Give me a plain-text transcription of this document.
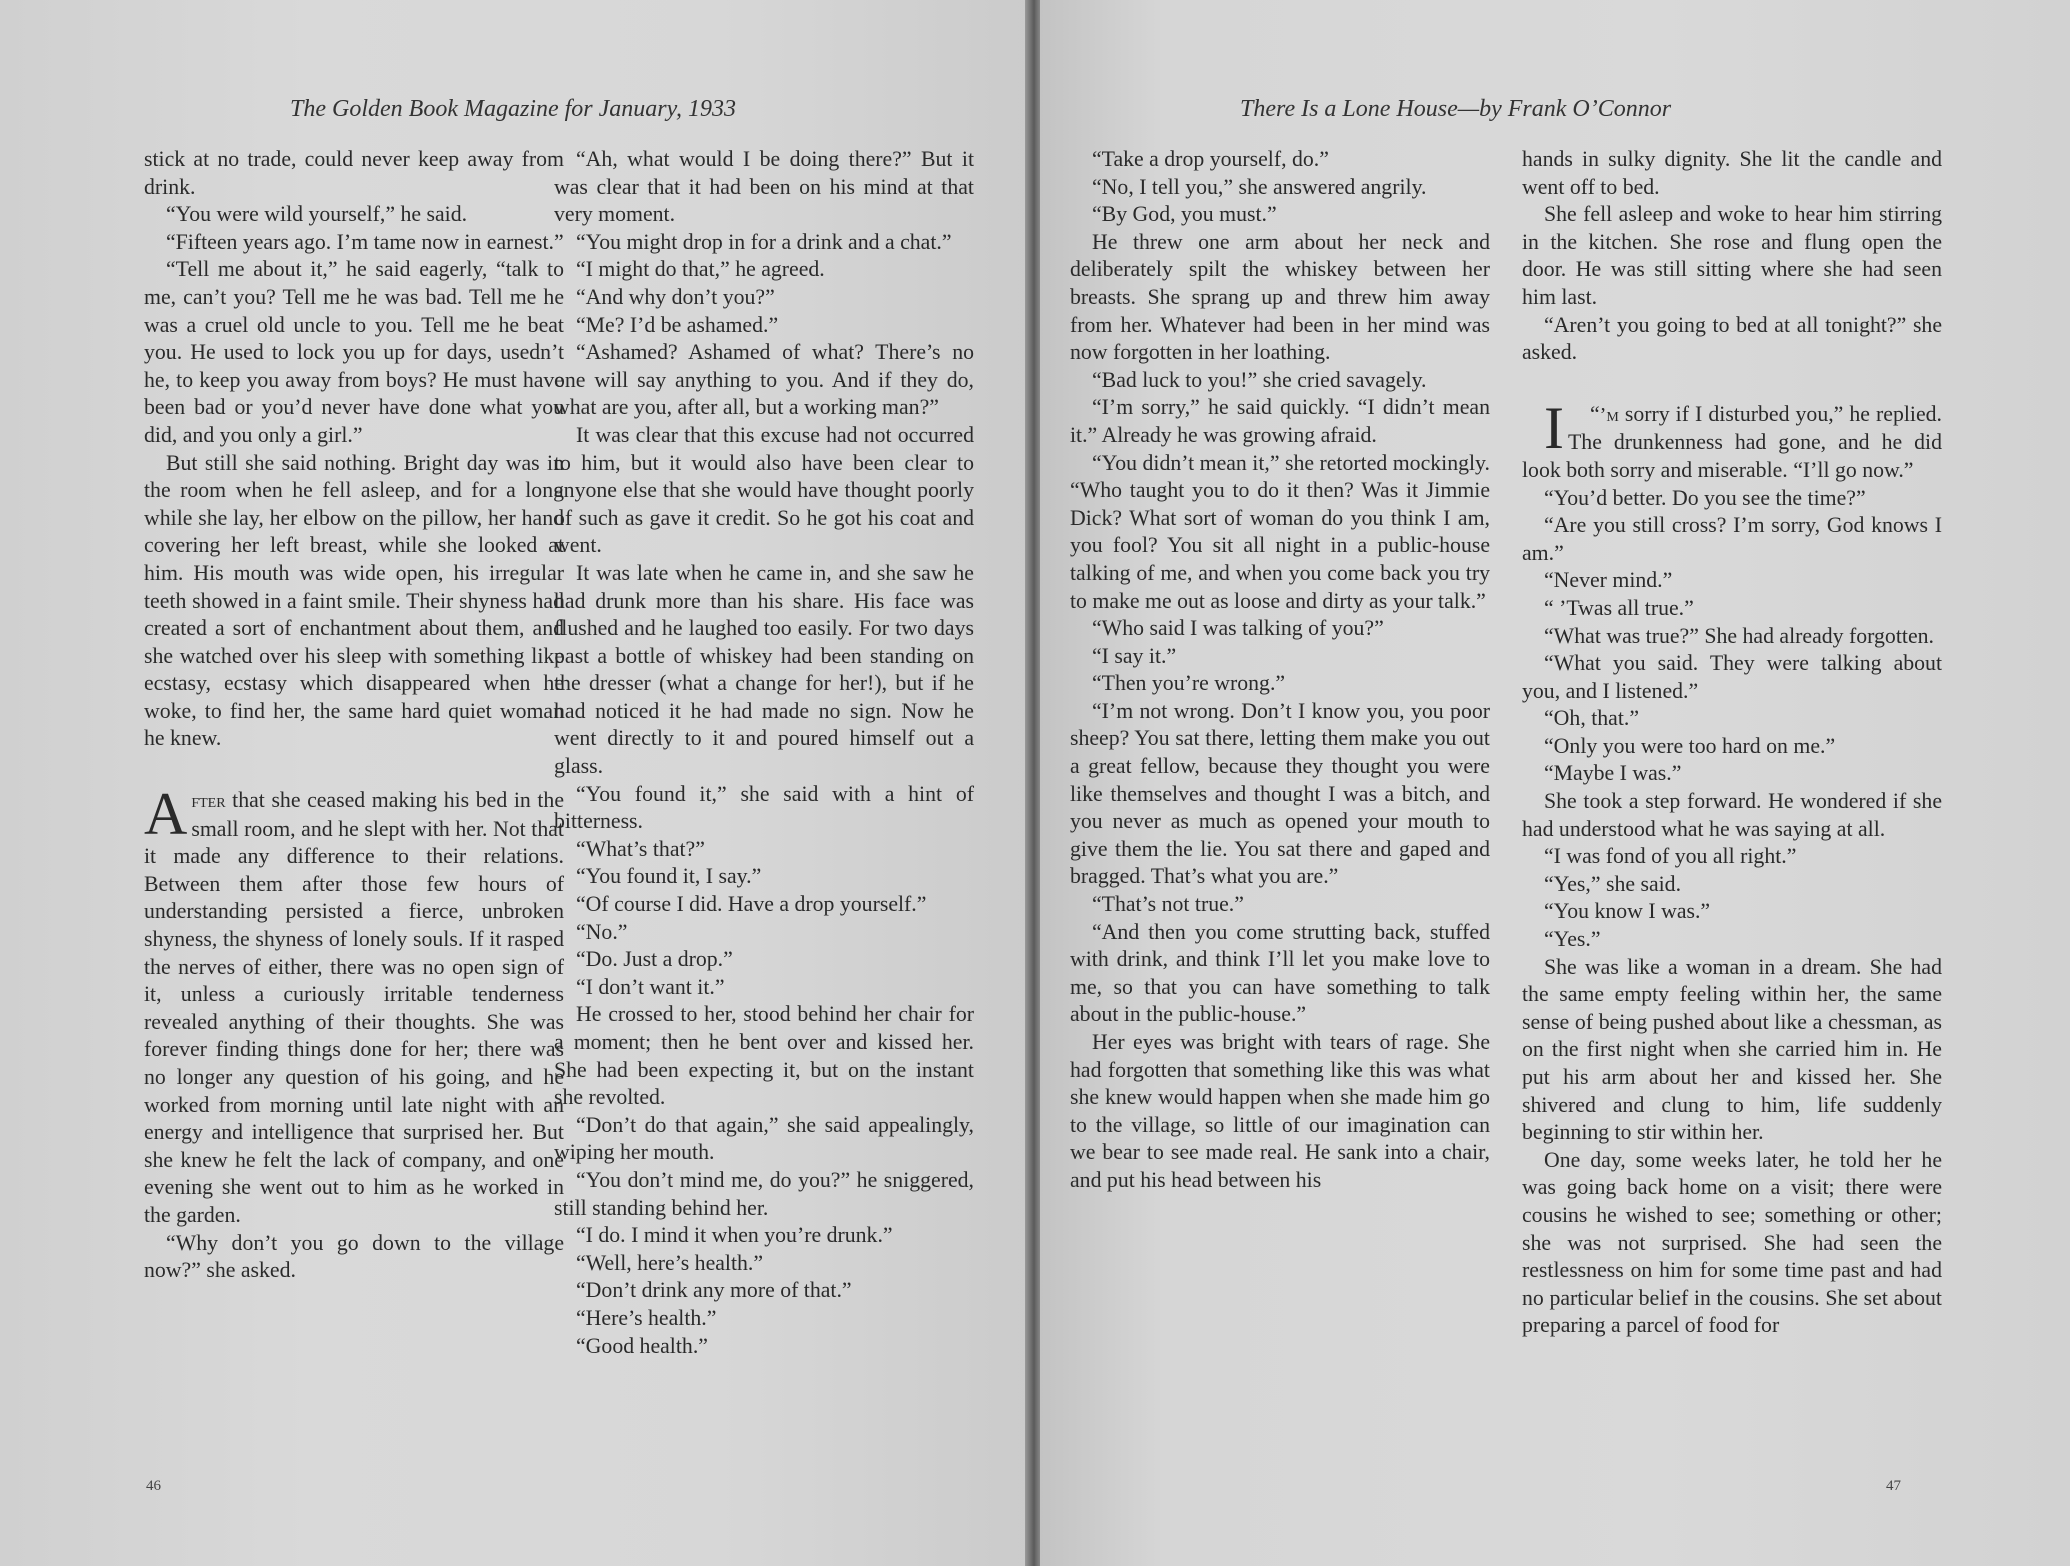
The Golden Book Magazine for January, 1933

stick at no trade, could never keep away from drink.

“You were wild yourself,” he said.

“Fifteen years ago. I’m tame now in earnest.”

“Tell me about it,” he said eagerly, “talk to me, can’t you? Tell me he was bad. Tell me he was a cruel old uncle to you. Tell me he beat you. He used to lock you up for days, usedn’t he, to keep you away from boys? He must have been bad or you’d never have done what you did, and you only a girl.”

But still she said nothing. Bright day was in the room when he fell asleep, and for a long while she lay, her elbow on the pillow, her hand covering her left breast, while she looked at him. His mouth was wide open, his irregular teeth showed in a faint smile. Their shyness had created a sort of enchantment about them, and she watched over his sleep with something like ecstasy, ecstasy which disappeared when he woke, to find her, the same hard quiet woman he knew.

After that she ceased making his bed in the small room, and he slept with her. Not that it made any difference to their relations. Between them after those few hours of understanding persisted a fierce, unbroken shyness, the shyness of lonely souls. If it rasped the nerves of either, there was no open sign of it, unless a curiously irritable tenderness revealed anything of their thoughts. She was forever finding things done for her; there was no longer any question of his going, and he worked from morning until late night with an energy and intelligence that surprised her. But she knew he felt the lack of company, and one evening she went out to him as he worked in the garden.

“Why don’t you go down to the village now?” she asked.

“Ah, what would I be doing there?” But it was clear that it had been on his mind at that very moment.

“You might drop in for a drink and a chat.”

“I might do that,” he agreed.

“And why don’t you?”

“Me? I’d be ashamed.”

“Ashamed? Ashamed of what? There’s no one will say anything to you. And if they do, what are you, after all, but a working man?”

It was clear that this excuse had not occurred to him, but it would also have been clear to anyone else that she would have thought poorly of such as gave it credit. So he got his coat and went.

It was late when he came in, and she saw he had drunk more than his share. His face was flushed and he laughed too easily. For two days past a bottle of whiskey had been standing on the dresser (what a change for her!), but if he had noticed it he had made no sign. Now he went directly to it and poured himself out a glass.

“You found it,” she said with a hint of bitterness.

“What’s that?”

“You found it, I say.”

“Of course I did. Have a drop yourself.”

“No.”

“Do. Just a drop.”

“I don’t want it.”

He crossed to her, stood behind her chair for a moment; then he bent over and kissed her. She had been expecting it, but on the instant she revolted.

“Don’t do that again,” she said appealingly, wiping her mouth.

“You don’t mind me, do you?” he sniggered, still standing behind her.

“I do. I mind it when you’re drunk.”

“Well, here’s health.”

“Don’t drink any more of that.”

“Here’s health.”

“Good health.”

46
There Is a Lone House—by Frank O’Connor

“Take a drop yourself, do.”

“No, I tell you,” she answered angrily.

“By God, you must.”

He threw one arm about her neck and deliberately spilt the whiskey between her breasts. She sprang up and threw him away from her. Whatever had been in her mind was now forgotten in her loathing.

“Bad luck to you!” she cried savagely.

“I’m sorry,” he said quickly. “I didn’t mean it.” Already he was growing afraid.

“You didn’t mean it,” she retorted mockingly. “Who taught you to do it then? Was it Jimmie Dick? What sort of woman do you think I am, you fool? You sit all night in a public-house talking of me, and when you come back you try to make me out as loose and dirty as your talk.”

“Who said I was talking of you?”

“I say it.”

“Then you’re wrong.”

“I’m not wrong. Don’t I know you, you poor sheep? You sat there, letting them make you out a great fellow, because they thought you were like themselves and thought I was a bitch, and you never as much as opened your mouth to give them the lie. You sat there and gaped and bragged. That’s what you are.”

“That’s not true.”

“And then you come strutting back, stuffed with drink, and think I’ll let you make love to me, so that you can have something to talk about in the public-house.”

Her eyes was bright with tears of rage. She had forgotten that something like this was what she knew would happen when she made him go to the village, so little of our imagination can we bear to see made real. He sank into a chair, and put his head between his

hands in sulky dignity. She lit the candle and went off to bed.

She fell asleep and woke to hear him stirring in the kitchen. She rose and flung open the door. He was still sitting where she had seen him last.

“Aren’t you going to bed at all tonight?” she asked.

“
I ’m sorry if I disturbed you,” he replied. The drunkenness had gone, and he did look both sorry and miserable. “I’ll go now.”

“You’d better. Do you see the time?”

“Are you still cross? I’m sorry, God knows I am.”

“Never mind.”

“ ’Twas all true.”

“What was true?” She had already forgotten.

“What you said. They were talking about you, and I listened.”

“Oh, that.”

“Only you were too hard on me.”

“Maybe I was.”

She took a step forward. He wondered if she had understood what he was saying at all.

“I was fond of you all right.”

“Yes,” she said.

“You know I was.”

“Yes.”

She was like a woman in a dream. She had the same empty feeling within her, the same sense of being pushed about like a chessman, as on the first night when she carried him in. He put his arm about her and kissed her. She shivered and clung to him, life suddenly beginning to stir within her.

One day, some weeks later, he told her he was going back home on a visit; there were cousins he wished to see; something or other; she was not surprised. She had seen the restlessness on him for some time past and had no particular belief in the cousins. She set about preparing a parcel of food for

47
